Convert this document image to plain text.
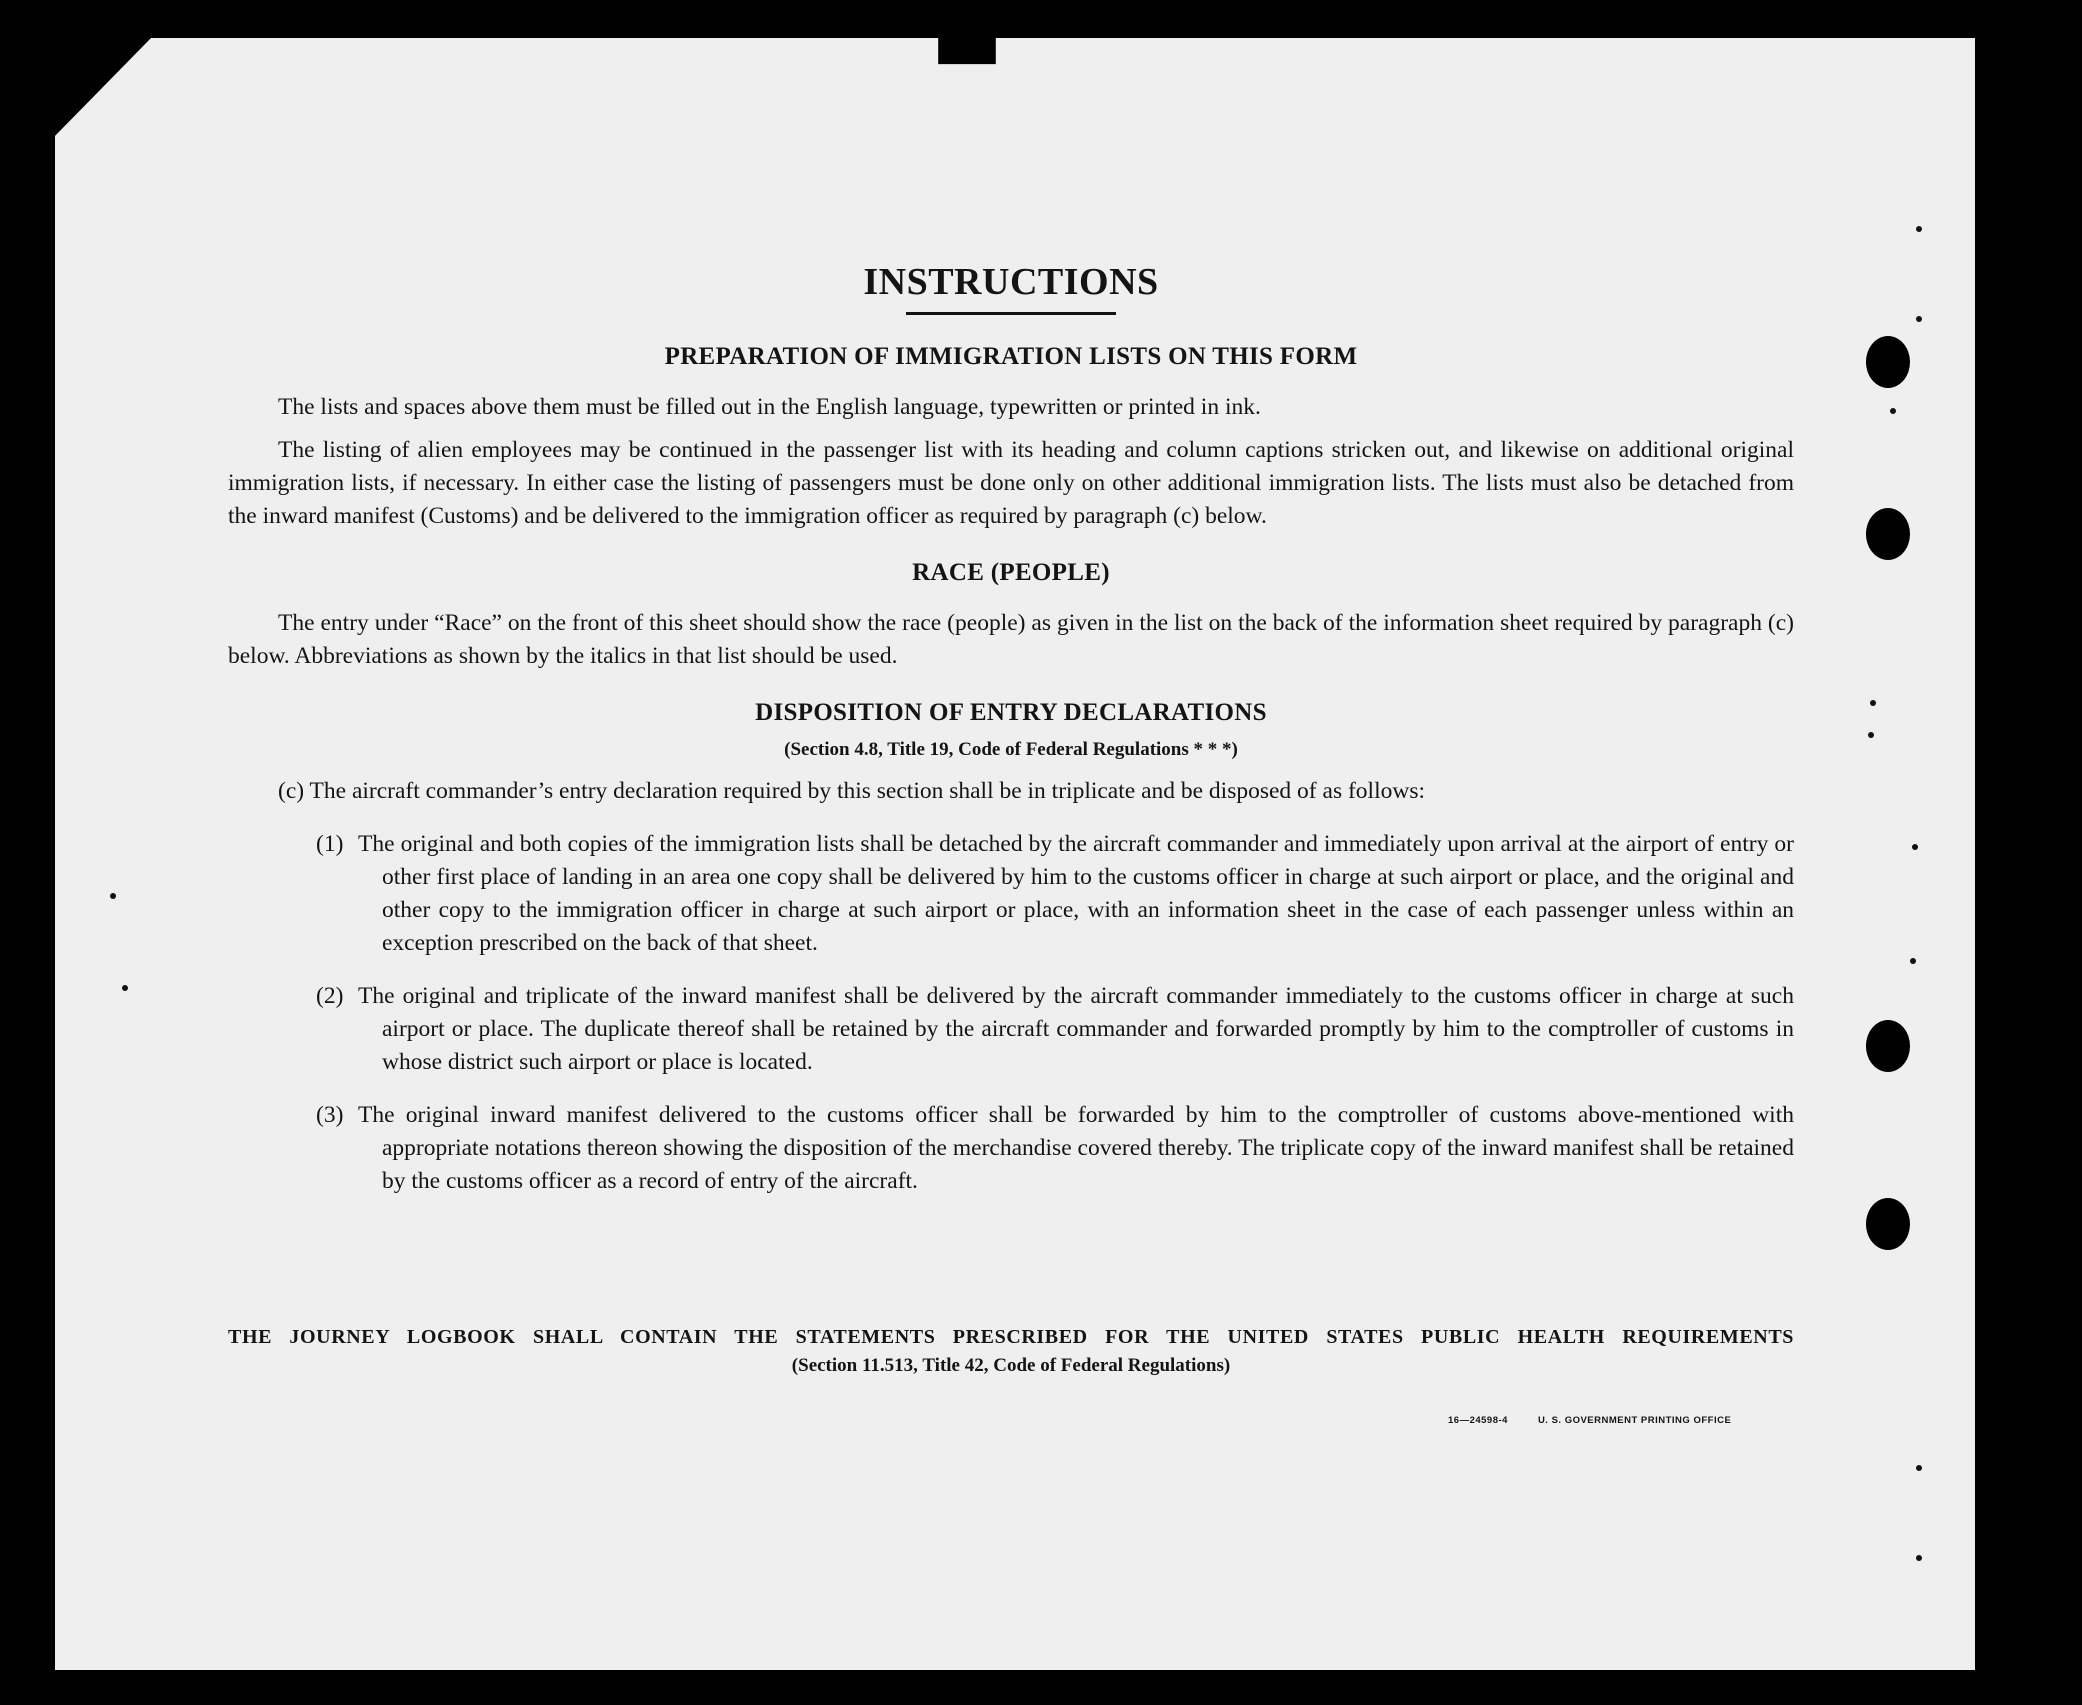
INSTRUCTIONS
PREPARATION OF IMMIGRATION LISTS ON THIS FORM

The lists and spaces above them must be filled out in the English language, typewritten or printed in ink.

The listing of alien employees may be continued in the passenger list with its heading and column captions stricken out, and likewise on additional original immigration lists, if necessary. In either case the listing of passengers must be done only on other additional immigration lists. The lists must also be detached from the inward manifest (Customs) and be delivered to the immigration officer as required by paragraph (c) below.

RACE (PEOPLE)

The entry under “Race” on the front of this sheet should show the race (people) as given in the list on the back of the information sheet required by paragraph (c) below. Abbreviations as shown by the italics in that list should be used.

DISPOSITION OF ENTRY DECLARATIONS
(Section 4.8, Title 19, Code of Federal Regulations * * *)

(c) The aircraft commander’s entry declaration required by this section shall be in triplicate and be disposed of as follows:

(1) The original and both copies of the immigration lists shall be detached by the aircraft commander and immediately upon arrival at the airport of entry or other first place of landing in an area one copy shall be delivered by him to the customs officer in charge at such airport or place, and the original and other copy to the immigration officer in charge at such airport or place, with an information sheet in the case of each passenger unless within an exception prescribed on the back of that sheet.
(2) The original and triplicate of the inward manifest shall be delivered by the aircraft commander immediately to the customs officer in charge at such airport or place. The duplicate thereof shall be retained by the aircraft commander and forwarded promptly by him to the comptroller of customs in whose district such airport or place is located.
(3) The original inward manifest delivered to the customs officer shall be forwarded by him to the comptroller of customs above-mentioned with appropriate notations thereon showing the disposition of the merchandise covered thereby. The triplicate copy of the inward manifest shall be retained by the customs officer as a record of entry of the aircraft.
THE JOURNEY LOGBOOK SHALL CONTAIN THE STATEMENTS PRESCRIBED FOR THE UNITED STATES PUBLIC HEALTH REQUIREMENTS
(Section 11.513, Title 42, Code of Federal Regulations)
16—24598-4	U. S. GOVERNMENT PRINTING OFFICE
